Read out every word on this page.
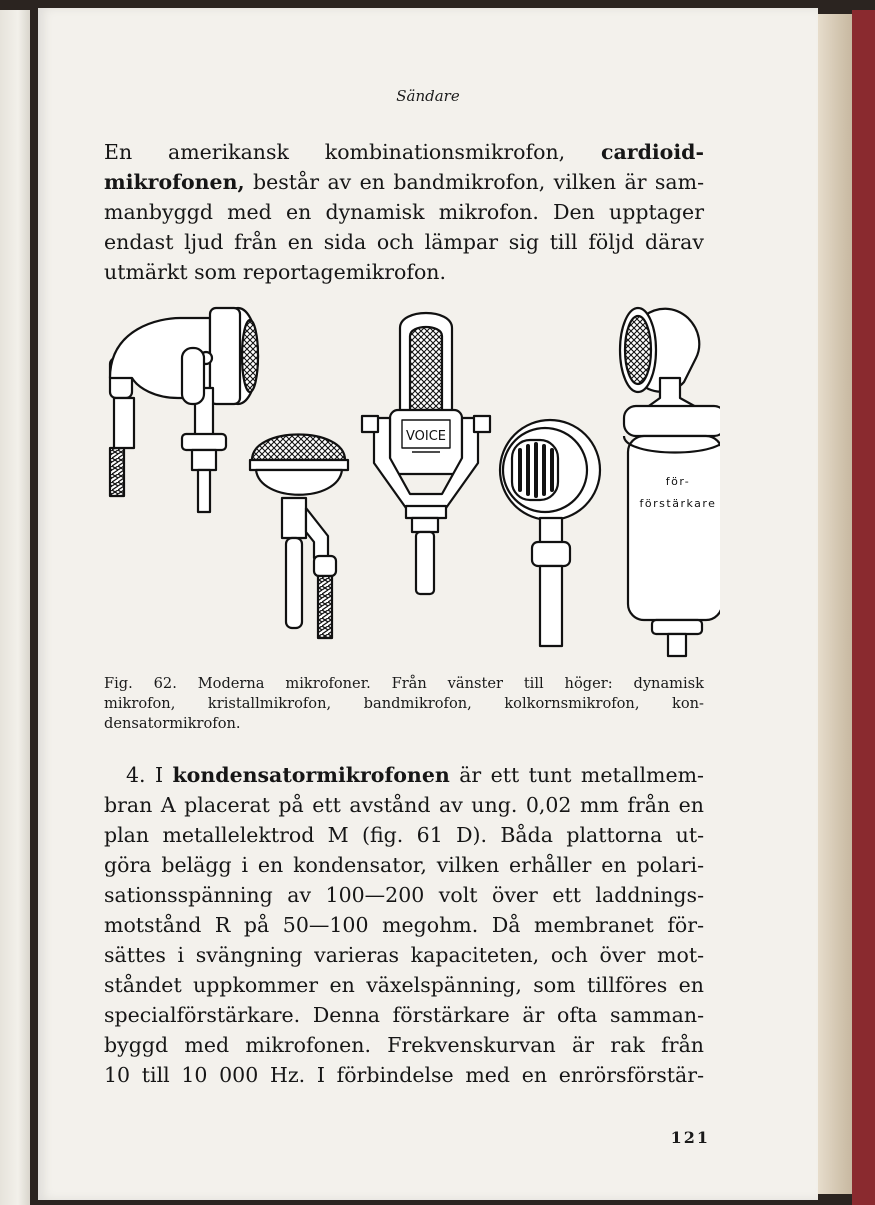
Sändare
En amerikansk kombinationsmikrofon, cardioid-
mikrofonen, består av en bandmikrofon, vilken är sam-
manbyggd med en dynamisk mikrofon. Den upptager
endast ljud från en sida och lämpar sig till följd därav
utmärkt som reportagemikrofon.
VOICE
för-
förstärkare
Fig. 62. Moderna mikrofoner. Från vänster till höger: dynamisk
mikrofon, kristallmikrofon, bandmikrofon, kolkornsmikrofon, kon-
densatormikrofon.
4. I kondensatormikrofonen är ett tunt metallmem-
bran A placerat på ett avstånd av ung. 0,02 mm från en
plan metallelektrod M (fig. 61 D). Båda plattorna ut-
göra belägg i en kondensator, vilken erhåller en polari-
sationsspänning av 100—200 volt över ett laddnings-
motstånd R på 50—100 megohm. Då membranet för-
sättes i svängning varieras kapaciteten, och över mot-
ståndet uppkommer en växelspänning, som tillföres en
specialförstärkare. Denna förstärkare är ofta samman-
byggd med mikrofonen. Frekvenskurvan är rak från
10 till 10 000 Hz. I förbindelse med en enrörsförstär-
121
